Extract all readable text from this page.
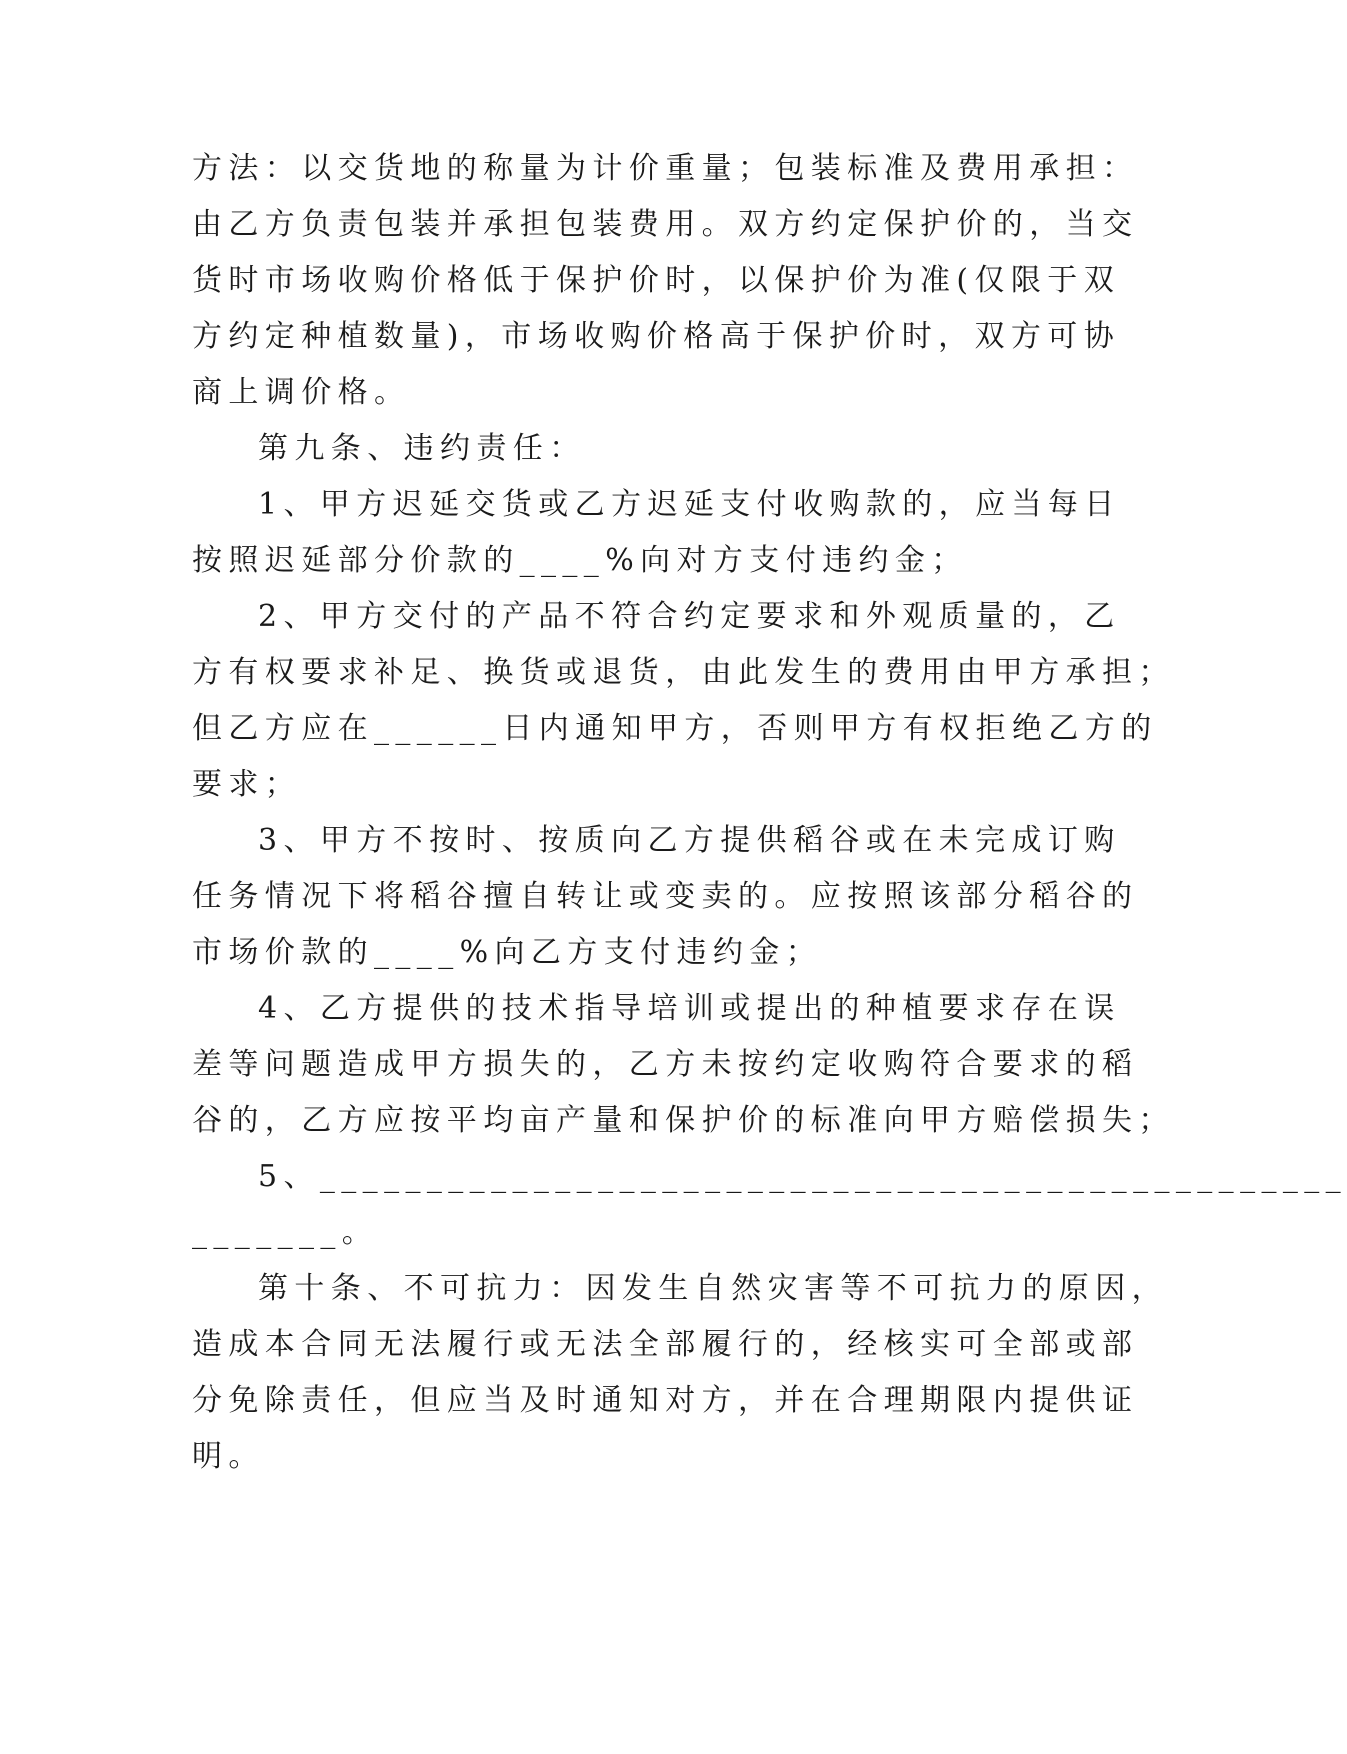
方法：以交货地的称量为计价重量；包装标准及费用承担：
由乙方负责包装并承担包装费用。双方约定保护价的，当交
货时市场收购价格低于保护价时，以保护价为准(仅限于双
方约定种植数量)，市场收购价格高于保护价时，双方可协
商上调价格。
第九条、违约责任：
1、甲方迟延交货或乙方迟延支付收购款的，应当每日
按照迟延部分价款的____%向对方支付违约金；
2、甲方交付的产品不符合约定要求和外观质量的，乙
方有权要求补足、换货或退货，由此发生的费用由甲方承担；
但乙方应在______日内通知甲方，否则甲方有权拒绝乙方的
要求；
3、甲方不按时、按质向乙方提供稻谷或在未完成订购
任务情况下将稻谷擅自转让或变卖的。应按照该部分稻谷的
市场价款的____%向乙方支付违约金；
4、乙方提供的技术指导培训或提出的种植要求存在误
差等问题造成甲方损失的，乙方未按约定收购符合要求的稻
谷的，乙方应按平均亩产量和保护价的标准向甲方赔偿损失；
5、________________________________________________
_______。
第十条、不可抗力：因发生自然灾害等不可抗力的原因，
造成本合同无法履行或无法全部履行的，经核实可全部或部
分免除责任，但应当及时通知对方，并在合理期限内提供证
明。
